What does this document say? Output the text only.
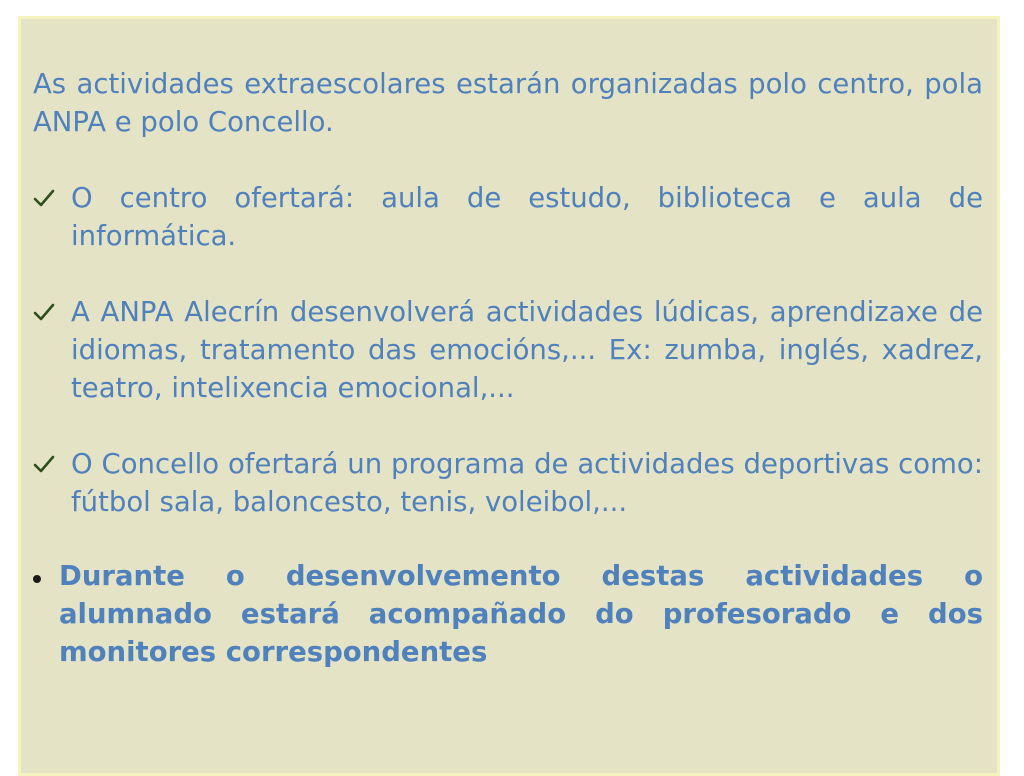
As actividades extraescolares estarán organizadas polo centro, pola ANPA e polo Concello.

O centro ofertará: aula de estudo, biblioteca e aula de informática.
A ANPA Alecrín desenvolverá actividades lúdicas, aprendizaxe de idiomas, tratamento das emocións,... Ex: zumba, inglés, xadrez, teatro, intelixencia emocional,...
O Concello ofertará un programa de actividades deportivas como: fútbol sala, baloncesto, tenis, voleibol,...
Durante o desenvolvemento destas actividades o alumnado estará acompañado do profesorado e dos monitores correspondentes
